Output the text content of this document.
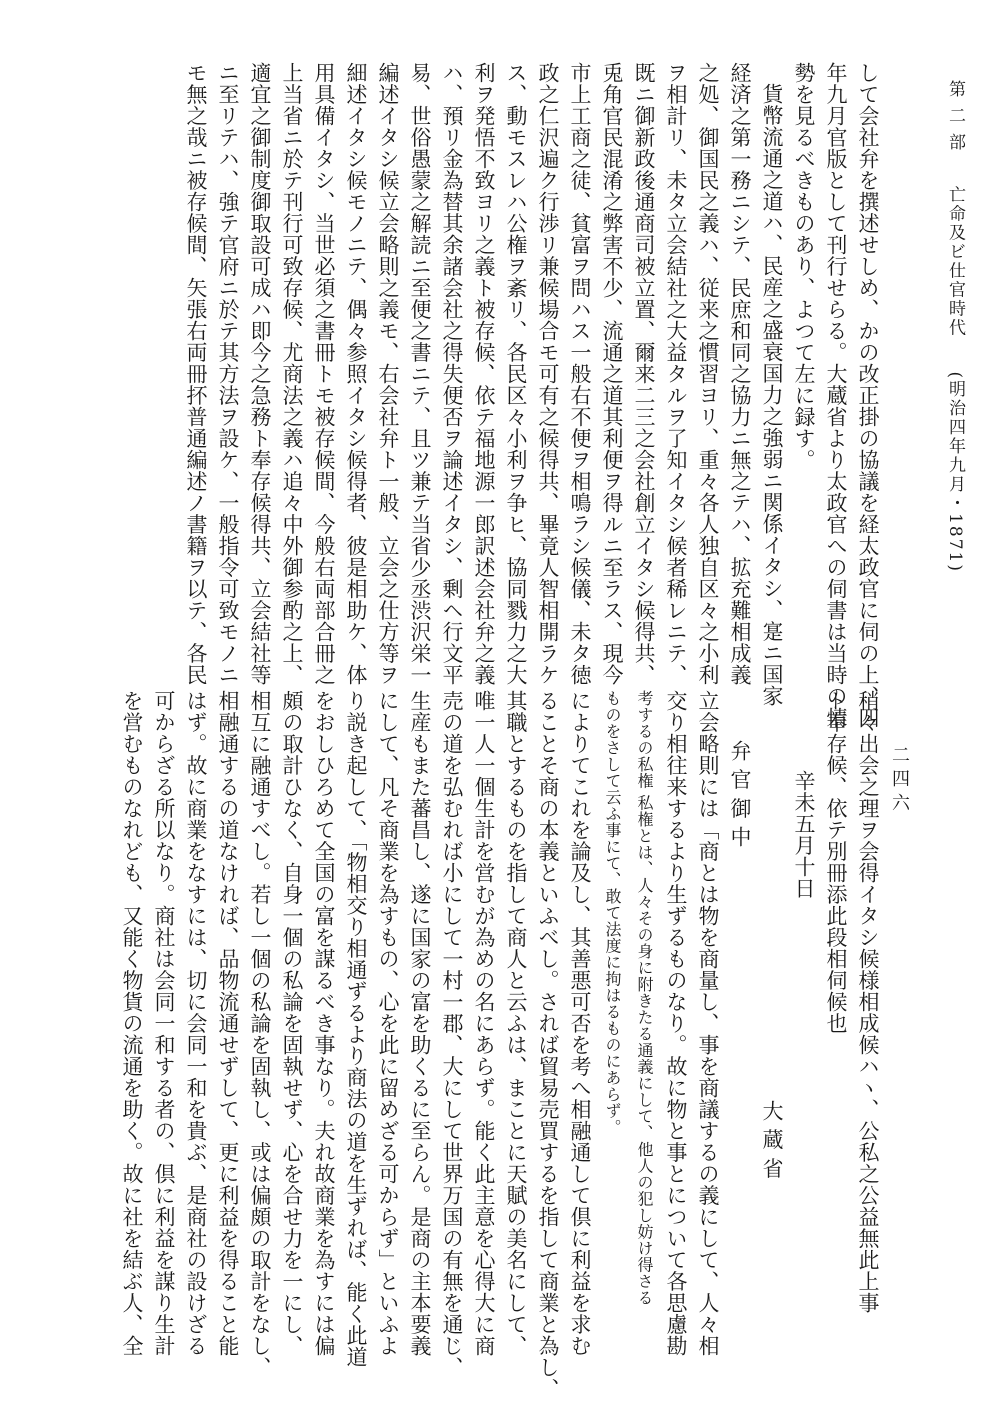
第 二 部 　 亡命及ビ仕官時代 　 (明治四年九月・1871)
二四六

して会社弁を撰述せしめ、かの改正掛の協議を経太政官に伺の上、四

年九月官版として刊行せらる。大蔵省より太政官への伺書は当時の情

勢を見るべきものあり、よつて左に録す。

貨幣流通之道ハ、民産之盛衰国力之強弱ニ関係イタシ、寔ニ国家

経済之第一務ニシテ、民庶和同之協力ニ無之テハ、拡充難相成義

之処、御国民之義ハ、従来之慣習ヨリ、重々各人独自区々之小利

ヲ相計リ、未タ立会結社之大益タルヲ了知イタシ候者稀レニテ、

既ニ御新政後通商司被立置、爾来二三之会社創立イタシ候得共、

兎角官民混淆之弊害不少、流通之道其利便ヲ得ルニ至ラス、現今

市上工商之徒、貧富ヲ問ハス一般右不便ヲ相鳴ラシ候儀、未タ徳

政之仁沢遍ク行渉リ兼候場合モ可有之候得共、畢竟人智相開ラケ

ス、動モスレハ公権ヲ紊リ、各民区々小利ヲ争ヒ、協同戮力之大

利ヲ発悟不致ヨリ之義ト被存候、依テ福地源一郎訳述会社弁之義

ハ、預リ金為替其余諸会社之得失便否ヲ論述イタシ、剰ヘ行文平

易、世俗愚蒙之解読ニ至便之書ニテ、且ツ兼テ当省少丞渋沢栄一

編述イタシ候立会略則之義モ、右会社弁ト一般、立会之仕方等ヲ

細述イタシ候モノニテ、偶々参照イタシ候得者、彼是相助ケ、体

用具備イタシ、当世必須之書冊トモ被存候間、今般右両部合冊之

上当省ニ於テ刊行可致存候、尤商法之義ハ追々中外御参酌之上、

適宜之御制度御取設可成ハ即今之急務ト奉存候得共、立会結社等

ニ至リテハ、強テ官府ニ於テ其方法ヲ設ケ、一般指令可致モノニ

モ無之哉ニ被存候間、矢張右両冊抔普通編述ノ書籍ヲ以テ、各民

稍々出会之理ヲ会得イタシ候様相成候ハヽ、公私之公益無此上事

ト奉存候、依テ別冊添此段相伺候也

辛未五月十日

大 蔵 省

弁 官 御 中

立会略則には「商とは物を商量し、事を商議するの義にして、人々相

交り相往来するより生ずるものなり。故に物と事とについて各思慮勘

考するの私権 私権とは、人々その身に附きたる通義にして、他人の犯し妨け得さるものをさして云ふ事にて、敢て法度に拘はるものにあらず。

によりてこれを論及し、其善悪可否を考へ相融通して倶に利益を求む

ることそ商の本義といふべし。されば貿易売買するを指して商業と為し、

其職とするものを指して商人と云ふは、まことに天賦の美名にして、

唯一人一個生計を営むが為めの名にあらず。能く此主意を心得大に商

売の道を弘むれば小にして一村一郡、大にして世界万国の有無を通じ、

生産もまた蕃昌し、遂に国家の富を助くるに至らん。是商の主本要義

にして、凡そ商業を為すもの、心を此に留めざる可からず」といふよ

り説き起して、「物相交り相通ずるより商法の道を生ずれば、能く此道

をおしひろめて全国の富を謀るべき事なり。夫れ故商業を為すには偏

頗の取計ひなく、自身一個の私論を固執せず、心を合せ力を一にし、

相互に融通すべし。若し一個の私論を固執し、或は偏頗の取計をなし、

相融通するの道なければ、品物流通せずして、更に利益を得ること能

はず。故に商業をなすには、切に会同一和を貴ぶ、是商社の設けざる

可からざる所以なり。商社は会同一和する者の、倶に利益を謀り生計

を営むものなれども、又能く物貨の流通を助く。故に社を結ぶ人、全
